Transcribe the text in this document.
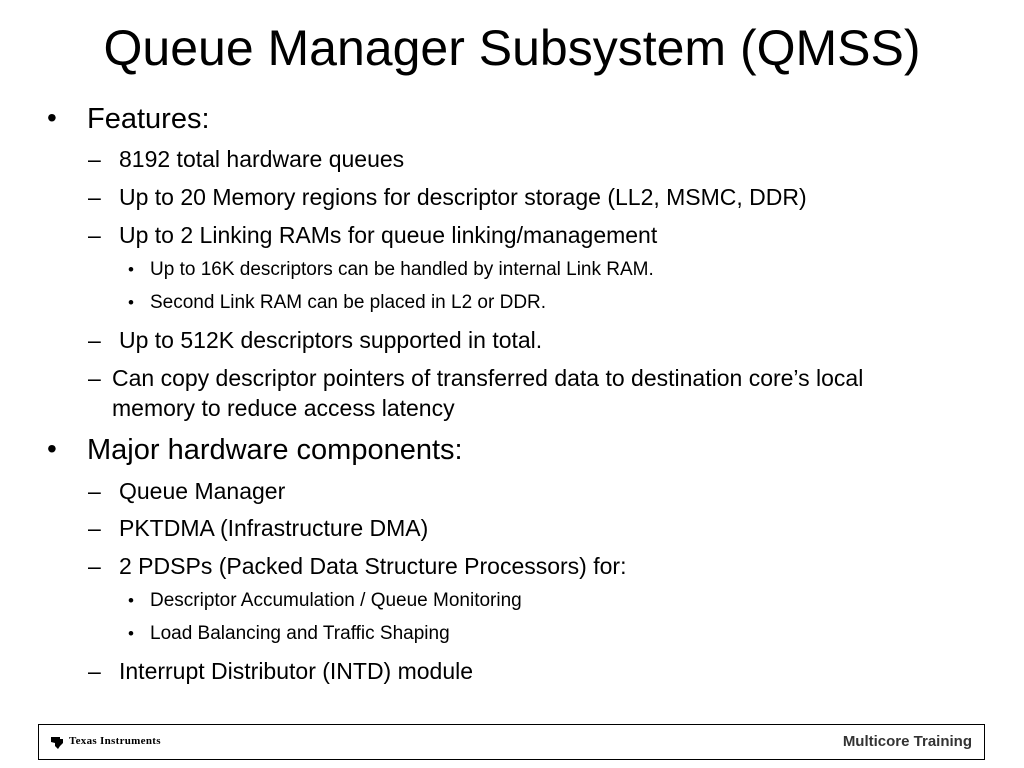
Queue Manager Subsystem (QMSS)
• Features:
– 8192 total hardware queues
– Up to 20 Memory regions for descriptor storage (LL2, MSMC, DDR)
– Up to 2 Linking RAMs for queue linking/management
• Up to 16K descriptors can be handled by internal Link RAM.
• Second Link RAM can be placed in L2 or DDR.
– Up to 512K descriptors supported in total.
– Can copy descriptor pointers of transferred data to destination core’s local
memory to reduce access latency
• Major hardware components:
– Queue Manager
– PKTDMA (Infrastructure DMA)
– 2 PDSPs (Packed Data Structure Processors) for:
• Descriptor Accumulation / Queue Monitoring
• Load Balancing and Traffic Shaping
– Interrupt Distributor (INTD) module
Texas Instruments	Multicore Training
